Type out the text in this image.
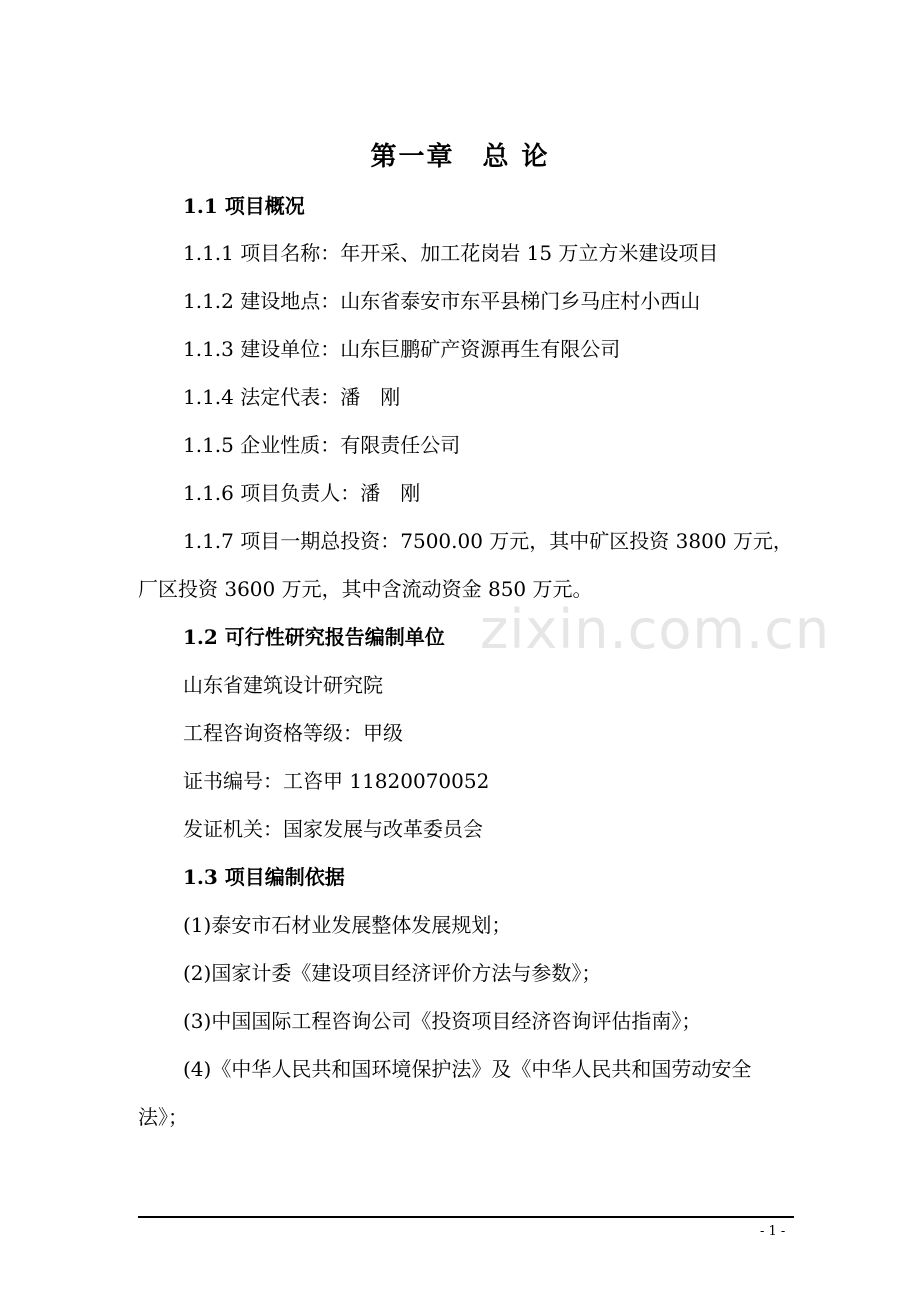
zixin.com.cn
第一章　总 论
1.1 项目概况
1.1.1 项目名称：年开采、加工花岗岩 15 万立方米建设项目
1.1.2 建设地点：山东省泰安市东平县梯门乡马庄村小西山
1.1.3 建设单位：山东巨鹏矿产资源再生有限公司
1.1.4 法定代表：潘　刚
1.1.5 企业性质：有限责任公司
1.1.6 项目负责人：潘　刚
1.1.7 项目一期总投资：7500.00 万元，其中矿区投资 3800 万元，
厂区投资 3600 万元，其中含流动资金 850 万元。
1.2 可行性研究报告编制单位
山东省建筑设计研究院
工程咨询资格等级：甲级
证书编号：工咨甲 11820070052
发证机关：国家发展与改革委员会
1.3 项目编制依据
(1)泰安市石材业发展整体发展规划；
(2)国家计委《建设项目经济评价方法与参数》；
(3)中国国际工程咨询公司《投资项目经济咨询评估指南》；
(4)《中华人民共和国环境保护法》及《中华人民共和国劳动安全
法》；
- 1 -
